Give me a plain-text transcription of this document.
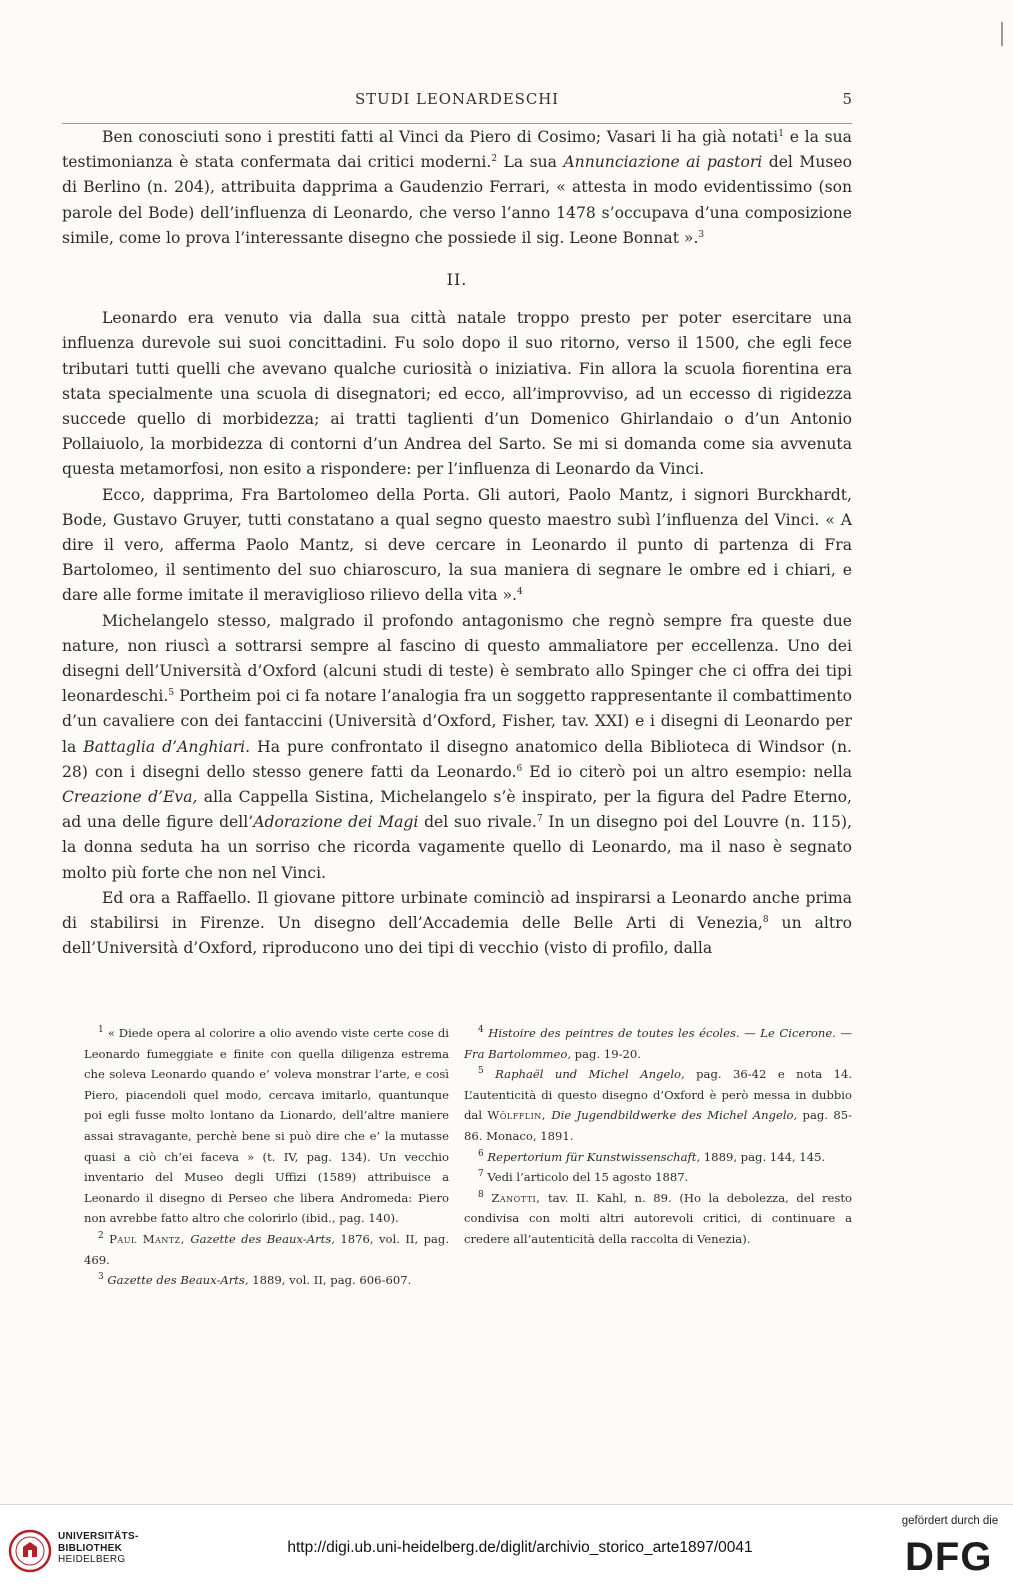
STUDI LEONARDESCHI	5

Ben conosciuti sono i prestiti fatti al Vinci da Piero di Cosimo; Vasari li ha già notati$^1$ e la sua testimonianza è stata confermata dai critici moderni.$^2$ La sua Annunciazione ai pastori del Museo di Berlino (n. 204), attribuita dapprima a Gaudenzio Ferrari, « attesta in modo evidentissimo (son parole del Bode) dell’influenza di Leonardo, che verso l’anno 1478 s’occupava d’una composizione simile, come lo prova l’interessante disegno che possiede il sig. Leone Bonnat ».$^3$

II.

Leonardo era venuto via dalla sua città natale troppo presto per poter esercitare una influenza durevole sui suoi concittadini. Fu solo dopo il suo ritorno, verso il 1500, che egli fece tributari tutti quelli che avevano qualche curiosità o iniziativa. Fin allora la scuola fiorentina era stata specialmente una scuola di disegnatori; ed ecco, all’improvviso, ad un eccesso di rigidezza succede quello di morbidezza; ai tratti taglienti d’un Domenico Ghirlandaio o d’un Antonio Pollaiuolo, la morbidezza di contorni d’un Andrea del Sarto. Se mi si domanda come sia avvenuta questa metamorfosi, non esito a rispondere: per l’influenza di Leonardo da Vinci.

Ecco, dapprima, Fra Bartolomeo della Porta. Gli autori, Paolo Mantz, i signori Burckhardt, Bode, Gustavo Gruyer, tutti constatano a qual segno questo maestro subì l’influenza del Vinci. « A dire il vero, afferma Paolo Mantz, si deve cercare in Leonardo il punto di partenza di Fra Bartolomeo, il sentimento del suo chiaroscuro, la sua maniera di segnare le ombre ed i chiari, e dare alle forme imitate il meraviglioso rilievo della vita ».$^4$

Michelangelo stesso, malgrado il profondo antagonismo che regnò sempre fra queste due nature, non riuscì a sottrarsi sempre al fascino di questo ammaliatore per eccellenza. Uno dei disegni dell’Università d’Oxford (alcuni studi di teste) è sembrato allo Spinger che ci offra dei tipi leonardeschi.$^5$ Portheim poi ci fa notare l’analogia fra un soggetto rappresentante il combattimento d’un cavaliere con dei fantaccini (Università d’Oxford, Fisher, tav. XXI) e i disegni di Leonardo per la Battaglia d’Anghiari. Ha pure confrontato il disegno anatomico della Biblioteca di Windsor (n. 28) con i disegni dello stesso genere fatti da Leonardo.$^6$ Ed io citerò poi un altro esempio: nella Creazione d’Eva, alla Cappella Sistina, Michelangelo s’è inspirato, per la figura del Padre Eterno, ad una delle figure dell’Adorazione dei Magi del suo rivale.$^7$ In un disegno poi del Louvre (n. 115), la donna seduta ha un sorriso che ricorda vagamente quello di Leonardo, ma il naso è segnato molto più forte che non nel Vinci.

Ed ora a Raffaello. Il giovane pittore urbinate cominciò ad inspirarsi a Leonardo anche prima di stabilirsi in Firenze. Un disegno dell’Accademia delle Belle Arti di Venezia,$^8$ un altro dell’Università d’Oxford, riproducono uno dei tipi di vecchio (visto di profilo, dalla

$^1$ « Diede opera al colorire a olio avendo viste certe cose di Leonardo fumeggiate e finite con quella diligenza estrema che soleva Leonardo quando e’ voleva monstrar l’arte, e così Piero, piacendoli quel modo, cercava imitarlo, quantunque poi egli fusse molto lontano da Lionardo, dell’altre maniere assai stravagante, perchè bene si può dire che e’ la mutasse quasi a ciò ch’ei faceva » (t. IV, pag. 134). Un vecchio inventario del Museo degli Uffizi (1589) attribuisce a Leonardo il disegno di Perseo che libera Andromeda: Piero non avrebbe fatto altro che colorirlo (ibid., pag. 140).

$^2$ Paul Mantz, Gazette des Beaux-Arts, 1876, vol. II, pag. 469.

$^3$ Gazette des Beaux-Arts, 1889, vol. II, pag. 606-607.

$^4$ Histoire des peintres de toutes les écoles. — Le Cicerone. — Fra Bartolommeo, pag. 19-20.

$^5$ Raphaël und Michel Angelo, pag. 36-42 e nota 14. L’autenticità di questo disegno d’Oxford è però messa in dubbio dal Wölfflin, Die Jugendbildwerke des Michel Angelo, pag. 85-86. Monaco, 1891.

$^6$ Repertorium für Kunstwissenschaft, 1889, pag. 144, 145.

$^7$ Vedi l’articolo del 15 agosto 1887.

$^8$ Zanotti, tav. II. Kahl, n. 89. (Ho la debolezza, del resto condivisa con molti altri autorevoli critici, di continuare a credere all’autenticità della raccolta di Venezia).

UNIVERSITÄTS-
BIBLIOTHEK
HEIDELBERG
http://digi.ub.uni-heidelberg.de/diglit/archivio_storico_arte1897/0041
gefördert durch die
DFG
